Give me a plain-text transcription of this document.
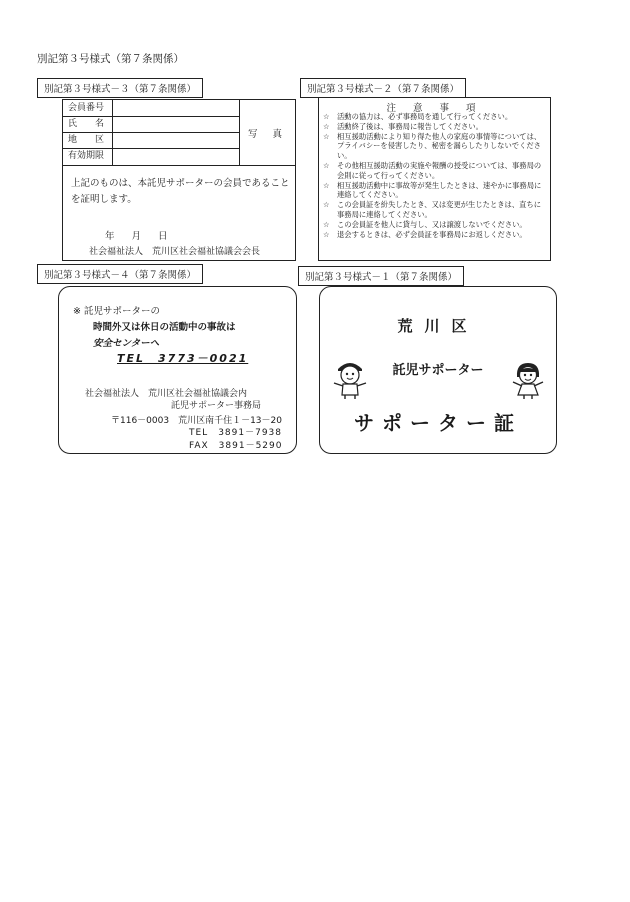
別記第３号様式（第７条関係）
別記第３号様式－３（第７条関係）
会員番号
氏　　名
地　　区
有効期限
写 真
上記のものは、本託児サポーターの会員であること
を証明します。
年 月 日
社会福祉法人　荒川区社会福祉協議会会長
別記第３号様式－２（第７条関係）
注 意 事 項
☆ 活動の協力は、必ず事務局を通して行ってください。
☆ 活動終了後は、事務局に報告してください。
☆ 相互援助活動により知り得た他人の家庭の事情等については、プライバシーを侵害したり、秘密を漏らしたりしないでください。
☆ その他相互援助活動の実施や報酬の授受については、事務局の会則に従って行ってください。
☆ 相互援助活動中に事故等が発生したときは、速やかに事務局に連絡してください。
☆ この会員証を紛失したとき、又は変更が生じたときは、直ちに事務局に連絡してください。
☆ この会員証を他人に貸与し、又は譲渡しないでください。
☆ 退会するときは、必ず会員証を事務局にお返しください。
別記第３号様式－４（第７条関係）
※ 託児サポーターの
時間外又は休日の活動中の事故は
安全センターへ
TEL　3773－0021
社会福祉法人　荒川区社会福祉協議会内
託児サポーター事務局
〒116－0003　荒川区南千住１－13－20
TEL　3891－7938
FAX　3891－5290
別記第３号様式－１（第７条関係）
荒川区
託児サポーター
サポーター証
